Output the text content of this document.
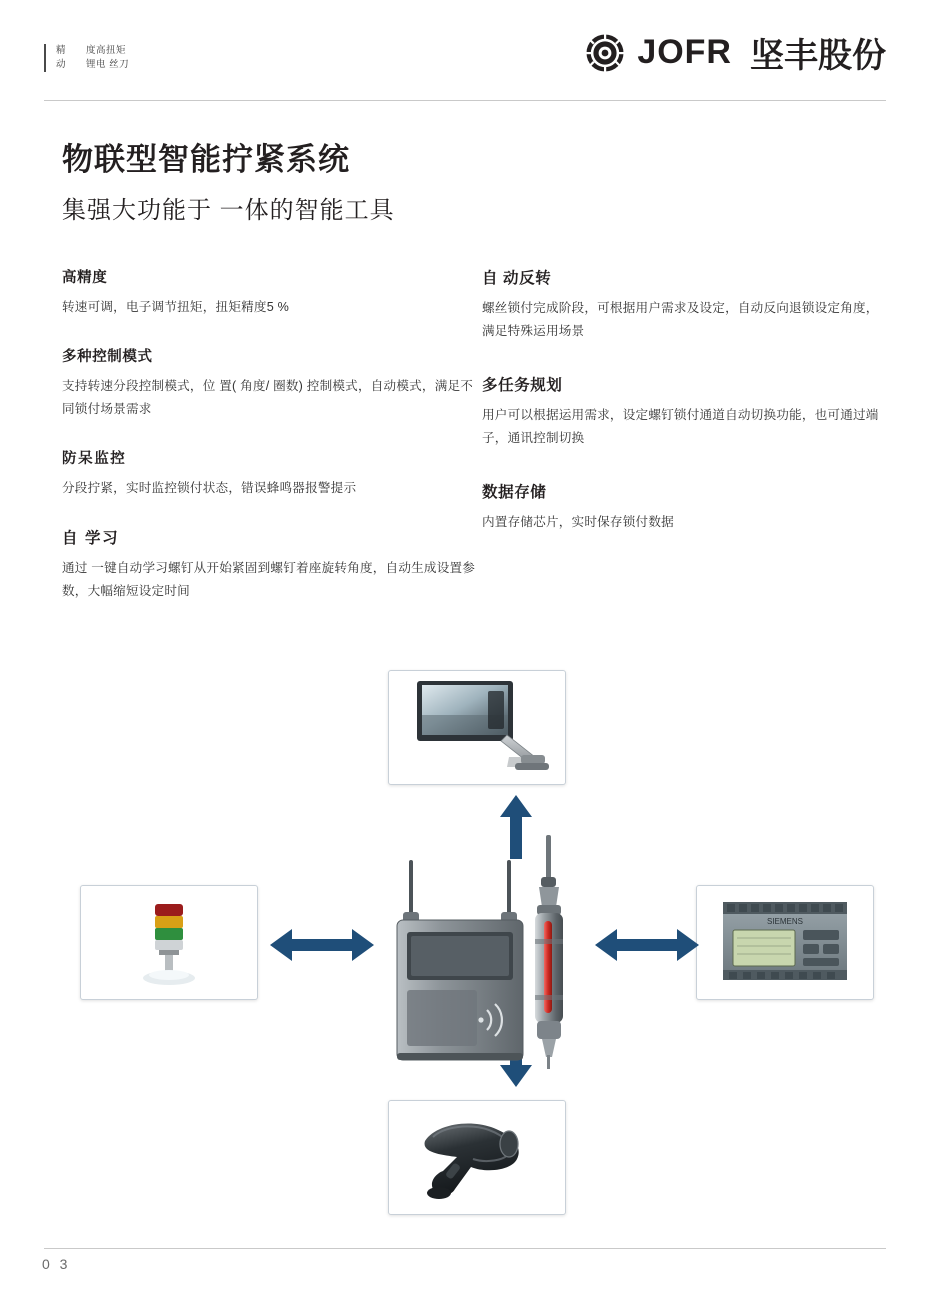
精　　度高扭矩
动　　锂电 丝刀	JOFR 坚丰股份
物联型智能拧紧系统
集强大功能于 一体的智能工具
高精度

转速可调，电子调节扭矩，扭矩精度5 %

多种控制模式

支持转速分段控制模式，位 置( 角度/ 圈数) 控制模式，自动模式，满足不同锁付场景需求

防呆监控

分段拧紧，实时监控锁付状态，错误蜂鸣器报警提示

自 学习

通过 一键自动学习螺钉从开始紧固到螺钉着座旋转角度，自动生成设置参数，大幅缩短设定时间

自 动反转

螺丝锁付完成阶段，可根据用户需求及设定，自动反向退锁设定角度，满足特殊运用场景

多任务规划

用户可以根据运用需求，设定螺钉锁付通道自动切换功能，也可通过端子，通讯控制切换

数据存储

内置存储芯片，实时保存锁付数据

SIEMENS
0 3
